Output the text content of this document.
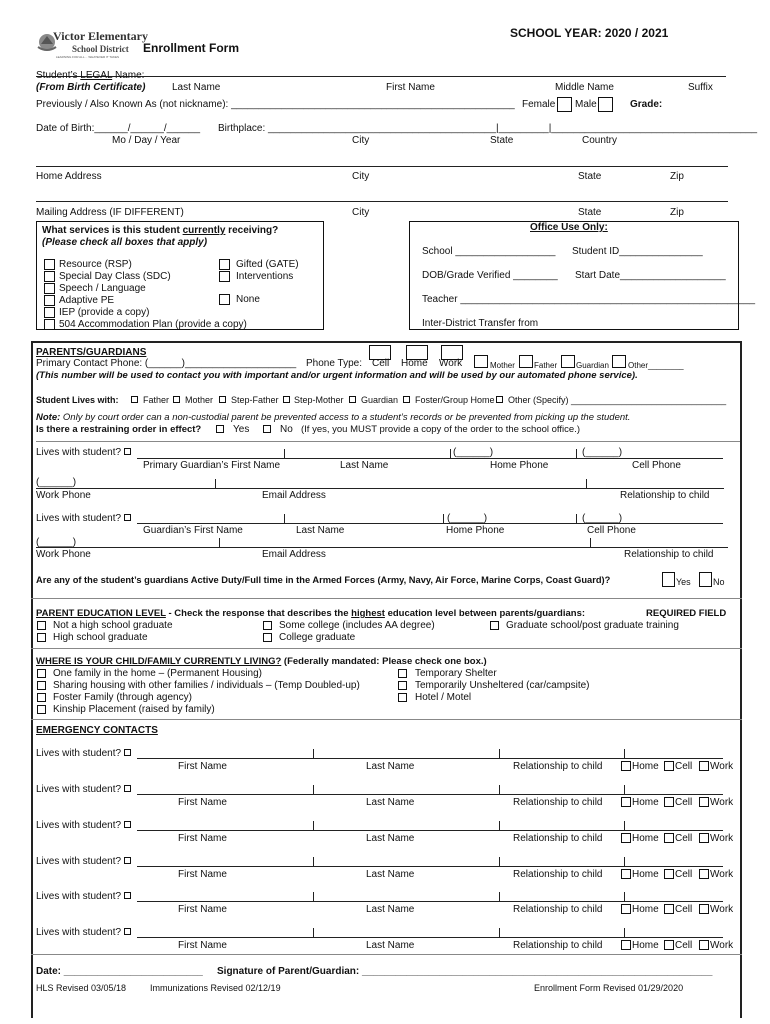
Victor Elementary
School District
LEARNING FOR ALL… WHATEVER IT TAKES
Enrollment Form
SCHOOL YEAR: 2020 / 2021
Student’s LEGAL Name:
(From Birth Certificate)	Last Name	First Name	Middle Name	Suffix
Previously / Also Known As (not nickname): ___________________________________________________ Female Male	Grade:
Date of Birth:______/______/______ Birthplace: _________________________________________|_________|_____________________________________
Mo / Day / Year	City	State	Country
Home Address	City	State	Zip
Mailing Address (IF DIFFERENT)	City	State	Zip
What services is this student currently receiving?
(Please check all boxes that apply)
Resource (RSP)
Special Day Class (SDC)
Speech / Language
Adaptive PE
IEP (provide a copy)
504 Accommodation Plan (provide a copy)
Gifted (GATE)
Interventions
None
Office Use Only:
School __________________ Student ID_______________
DOB/Grade Verified ________ Start Date___________________
Teacher _____________________________________________________
Inter-District Transfer from
PARENTS/GUARDIANS
Primary Contact Phone: (______)____________________ Phone Type: Cell Home Work	Mother Father Guardian Other________
(This number will be used to contact you with important and/or urgent information and will be used by our automated phone service).
Student Lives with:	Father Mother Step-Father Step-Mother Guardian Foster/Group Home Other (Specify) _______________________________
Note: Only by court order can a non-custodial parent be prevented access to a student’s records or be prevented from picking up the student.
Is there a restraining order in effect?	Yes	No (If yes, you MUST provide a copy of the order to the school office.)
Lives with student?	(______)	(______)
Primary Guardian’s First Name	Last Name	Home Phone	Cell Phone
(______)
Work Phone	Email Address	Relationship to child
Lives with student?	(______)	(______)
Guardian’s First Name	Last Name	Home Phone	Cell Phone
(______)
Work Phone	Email Address	Relationship to child
Are any of the student’s guardians Active Duty/Full time in the Armed Forces (Army, Navy, Air Force, Marine Corps, Coast Guard)?	Yes No
PARENT EDUCATION LEVEL - Check the response that describes the highest education level between parents/guardians:	REQUIRED FIELD
Not a high school graduate
High school graduate
Some college (includes AA degree)
College graduate
Graduate school/post graduate training
WHERE IS YOUR CHILD/FAMILY CURRENTLY LIVING? (Federally mandated: Please check one box.)
One family in the home – (Permanent Housing)
Sharing housing with other families / individuals – (Temp Doubled-up)
Foster Family (through agency)
Kinship Placement (raised by family)
Temporary Shelter
Temporarily Unsheltered (car/campsite)
Hotel / Motel
EMERGENCY CONTACTS
Lives with student?
First Name	Last Name	Relationship to child	Home Cell Work
Lives with student?
First Name	Last Name	Relationship to child	Home Cell Work
Lives with student?
First Name	Last Name	Relationship to child	Home Cell Work
Lives with student?
First Name	Last Name	Relationship to child	Home Cell Work
Lives with student?
First Name	Last Name	Relationship to child	Home Cell Work
Lives with student?
First Name	Last Name	Relationship to child	Home Cell Work
Date: _________________________ Signature of Parent/Guardian: _______________________________________________________________
HLS Revised 03/05/18	Immunizations Revised 02/12/19	Enrollment Form Revised 01/29/2020
